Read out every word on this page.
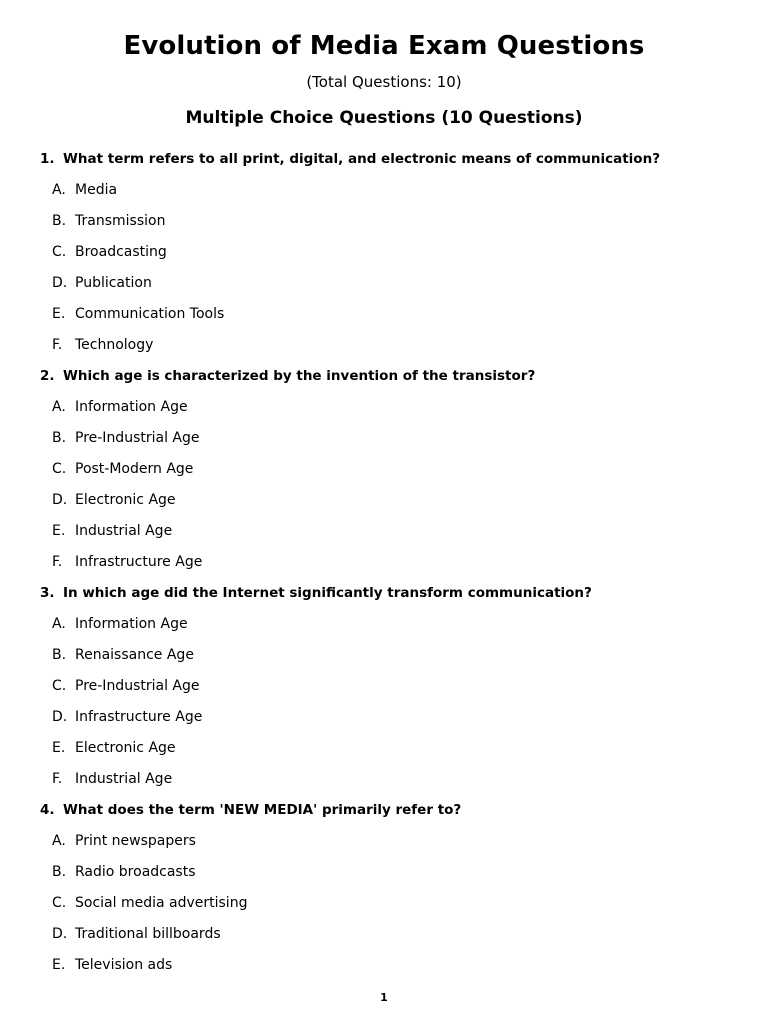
Evolution of Media Exam Questions
(Total Questions: 10)
Multiple Choice Questions (10 Questions)
1. What term refers to all print, digital, and electronic means of communication?
A. Media
B. Transmission
C. Broadcasting
D. Publication
E. Communication Tools
F. Technology
2. Which age is characterized by the invention of the transistor?
A. Information Age
B. Pre-Industrial Age
C. Post-Modern Age
D. Electronic Age
E. Industrial Age
F. Infrastructure Age
3. In which age did the Internet significantly transform communication?
A. Information Age
B. Renaissance Age
C. Pre-Industrial Age
D. Infrastructure Age
E. Electronic Age
F. Industrial Age
4. What does the term 'NEW MEDIA' primarily refer to?
A. Print newspapers
B. Radio broadcasts
C. Social media advertising
D. Traditional billboards
E. Television ads
1
